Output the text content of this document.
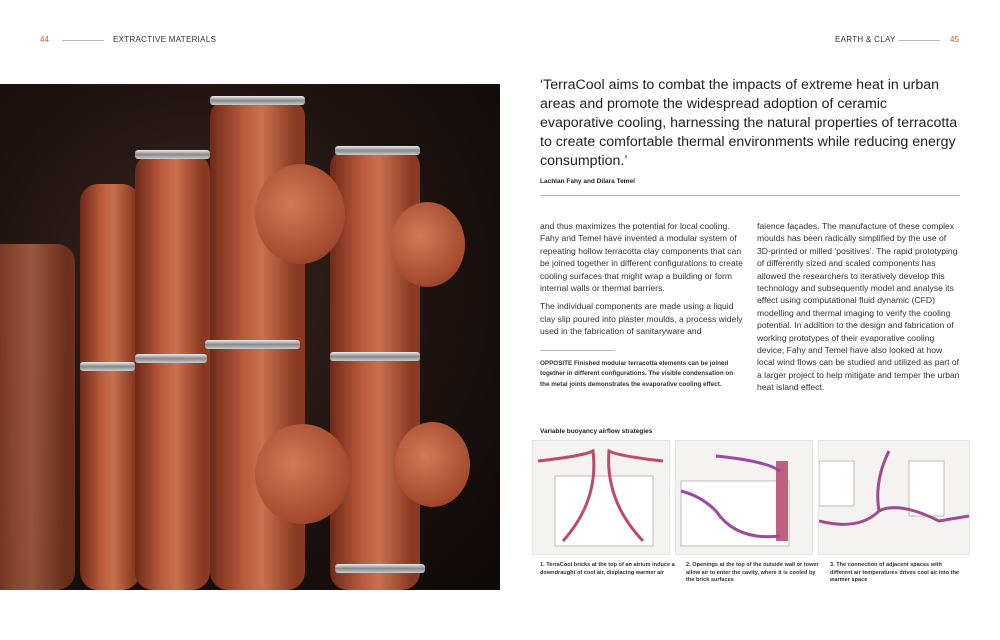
44	EXTRACTIVE MATERIALS	EARTH & CLAY	45
‘TerraCool aims to combat the impacts of extreme heat in urban areas and promote the widespread adoption of ceramic evaporative cooling, harnessing the natural properties of terracotta to create comfortable thermal environments while reducing energy consumption.’
Lachlan Fahy and Dilara Temel

and thus maximizes the potential for local cooling. Fahy and Temel have invented a modular system of repeating hollow terracotta clay components that can be joined together in different configurations to create cooling surfaces that might wrap a building or form internal walls or thermal barriers.

The individual components are made using a liquid clay slip poured into plaster moulds, a process widely used in the fabrication of sanitaryware and

OPPOSITE Finished modular terracotta elements can be joined together in different configurations. The visible condensation on the metal joints demonstrates the evaporative cooling effect.

faience façades. The manufacture of these complex moulds has been radically simplified by the use of 3D-printed or milled ‘positives’. The rapid prototyping of differently sized and scaled components has allowed the researchers to iteratively develop this technology and subsequently model and analyse its effect using computational fluid dynamic (CFD) modelling and thermal imaging to verify the cooling potential. In addition to the design and fabrication of working prototypes of their evaporative cooling device, Fahy and Temel have also looked at how local wind flows can be studied and utilized as part of a larger project to help mitigate and temper the urban heat island effect.

Variable buoyancy airflow strategies
1. TerraCool bricks at the top of an atrium induce a downdraught of cool air, displacing warmer air
2. Openings at the top of the outside wall or tower allow air to enter the cavity, where it is cooled by the brick surfaces
3. The connection of adjacent spaces with different air temperatures drives cool air into the warmer space
